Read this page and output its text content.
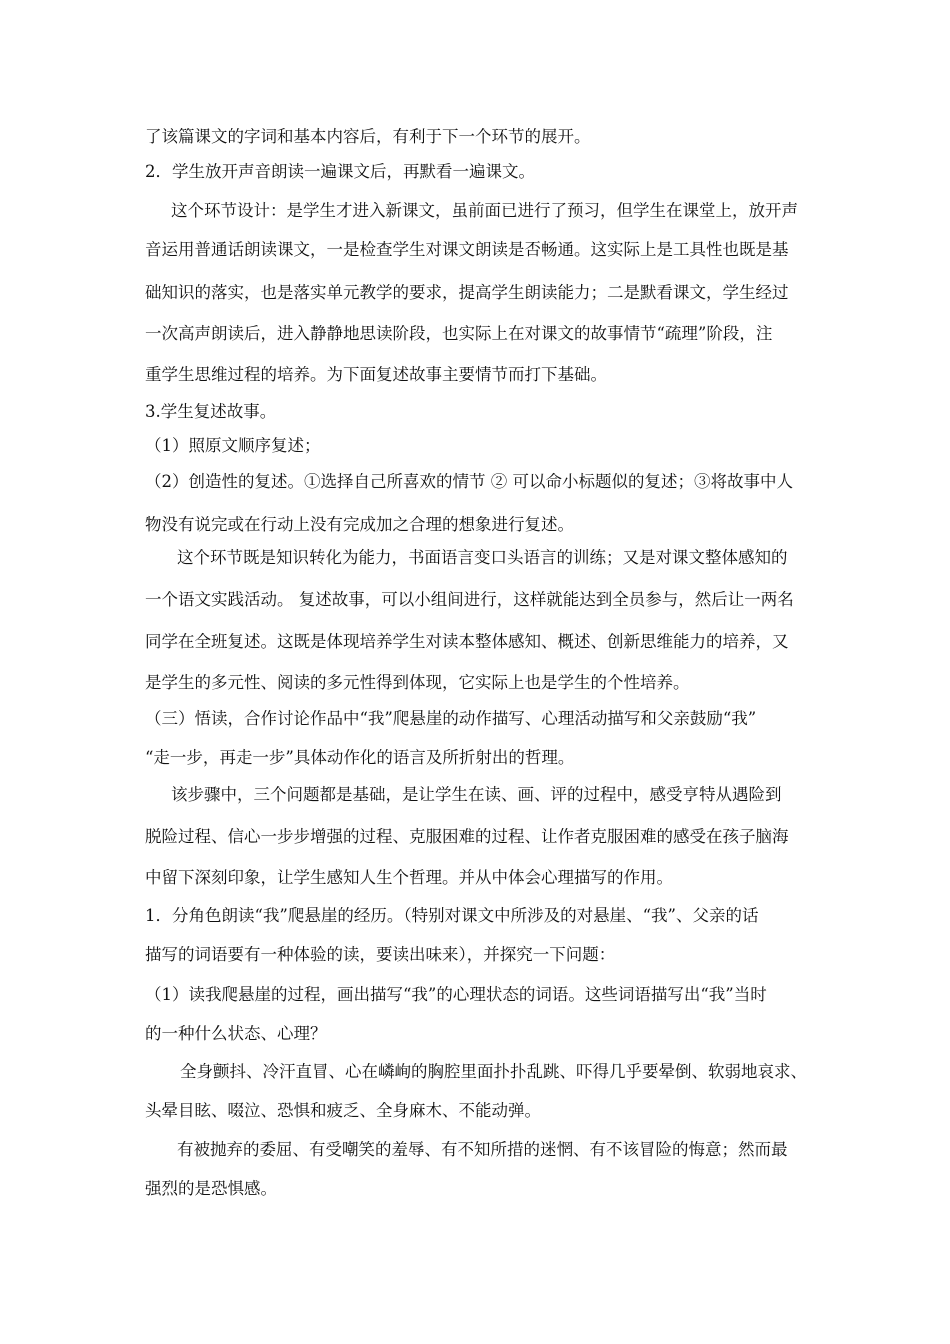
了该篇课文的字词和基本内容后，有利于下一个环节的展开。
2．学生放开声音朗读一遍课文后，再默看一遍课文。
这个环节设计：是学生才进入新课文，虽前面已进行了预习，但学生在课堂上，放开声
音运用普通话朗读课文，一是检查学生对课文朗读是否畅通。这实际上是工具性也既是基
础知识的落实，也是落实单元教学的要求，提高学生朗读能力；二是默看课文，学生经过
一次高声朗读后，进入静静地思读阶段，也实际上在对课文的故事情节“疏理”阶段，注
重学生思维过程的培养。为下面复述故事主要情节而打下基础。
3.学生复述故事。
（1）照原文顺序复述；
（2）创造性的复述。①选择自己所喜欢的情节 ② 可以命小标题似的复述；③将故事中人
物没有说完或在行动上没有完成加之合理的想象进行复述。
这个环节既是知识转化为能力，书面语言变口头语言的训练；又是对课文整体感知的
一个语文实践活动。 复述故事，可以小组间进行，这样就能达到全员参与，然后让一两名
同学在全班复述。这既是体现培养学生对读本整体感知、概述、创新思维能力的培养，又
是学生的多元性、阅读的多元性得到体现，它实际上也是学生的个性培养。
（三）悟读，合作讨论作品中“我”爬悬崖的动作描写、心理活动描写和父亲鼓励“我”
“走一步，再走一步”具体动作化的语言及所折射出的哲理。
该步骤中，三个问题都是基础，是让学生在读、画、评的过程中，感受亨特从遇险到
脱险过程、信心一步步增强的过程、克服困难的过程、让作者克服困难的感受在孩子脑海
中留下深刻印象，让学生感知人生个哲理。并从中体会心理描写的作用。
1．分角色朗读“我”爬悬崖的经历。（特别对课文中所涉及的对悬崖、“我”、父亲的话
描写的词语要有一种体验的读，要读出味来），并探究一下问题：
（1）读我爬悬崖的过程，画出描写“我”的心理状态的词语。这些词语描写出“我”当时
的一种什么状态、心理？
全身颤抖、冷汗直冒、心在嶙峋的胸腔里面扑扑乱跳、吓得几乎要晕倒、软弱地哀求、
头晕目眩、啜泣、恐惧和疲乏、全身麻木、不能动弹。
有被抛弃的委屈、有受嘲笑的羞辱、有不知所措的迷惘、有不该冒险的悔意；然而最
强烈的是恐惧感。
